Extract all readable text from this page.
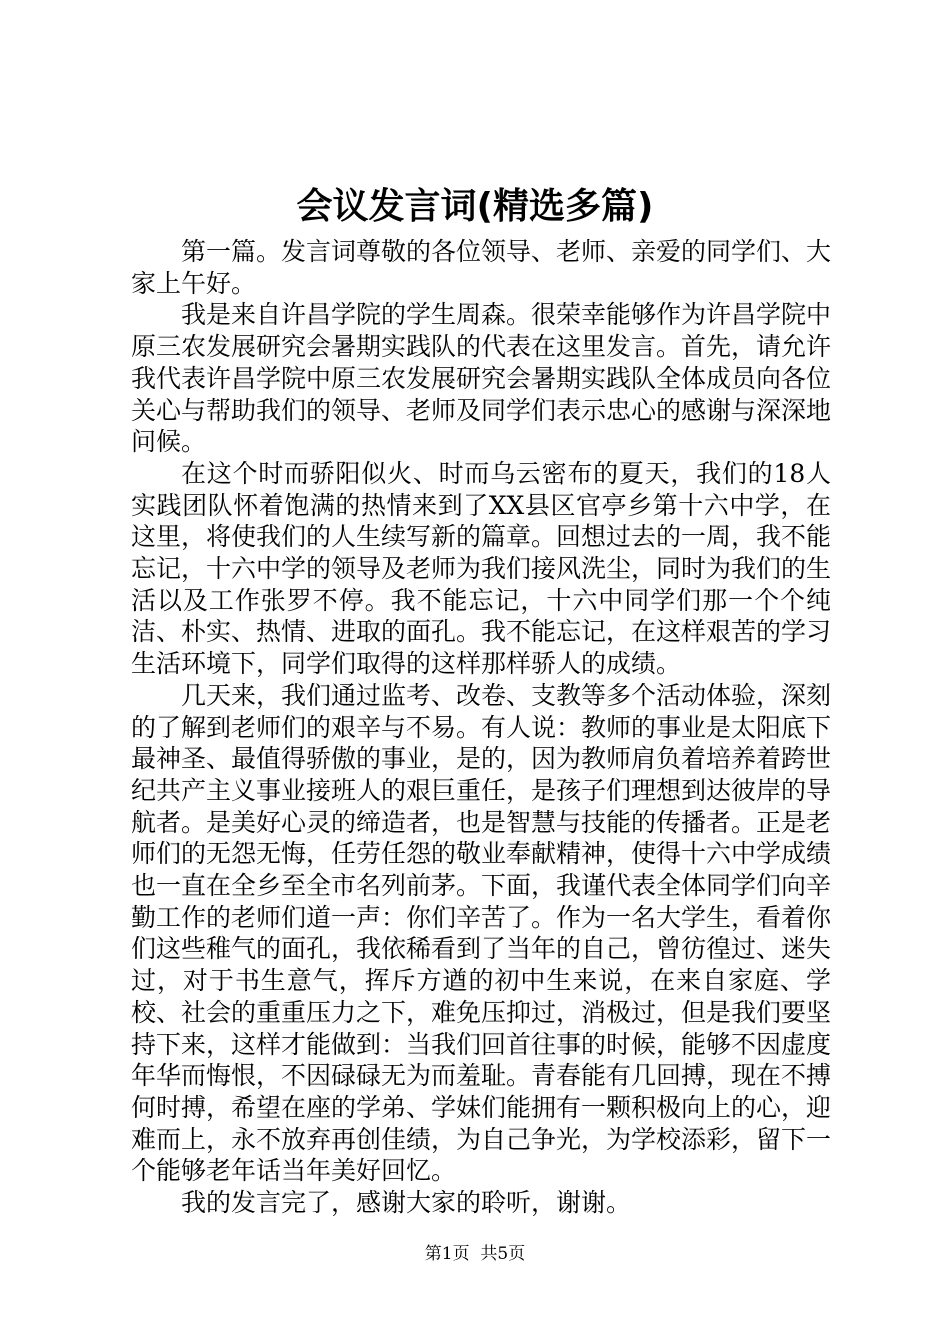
会议发言词(精选多篇)

第一篇。发言词尊敬的各位领导、老师、亲爱的同学们、大家上午好。

我是来自许昌学院的学生周森。很荣幸能够作为许昌学院中原三农发展研究会暑期实践队的代表在这里发言。首先，请允许我代表许昌学院中原三农发展研究会暑期实践队全体成员向各位关心与帮助我们的领导、老师及同学们表示忠心的感谢与深深地问候。

在这个时而骄阳似火、时而乌云密布的夏天，我们的18人实践团队怀着饱满的热情来到了XX县区官亭乡第十六中学，在这里，将使我们的人生续写新的篇章。回想过去的一周，我不能忘记，十六中学的领导及老师为我们接风洗尘，同时为我们的生活以及工作张罗不停。我不能忘记，十六中同学们那一个个纯洁、朴实、热情、进取的面孔。我不能忘记，在这样艰苦的学习生活环境下，同学们取得的这样那样骄人的成绩。

几天来，我们通过监考、改卷、支教等多个活动体验，深刻的了解到老师们的艰辛与不易。有人说：教师的事业是太阳底下最神圣、最值得骄傲的事业，是的，因为教师肩负着培养着跨世纪共产主义事业接班人的艰巨重任，是孩子们理想到达彼岸的导航者。是美好心灵的缔造者，也是智慧与技能的传播者。正是老师们的无怨无悔，任劳任怨的敬业奉献精神，使得十六中学成绩也一直在全乡至全市名列前茅。下面，我谨代表全体同学们向辛勤工作的老师们道一声：你们辛苦了。作为一名大学生，看着你们这些稚气的面孔，我依稀看到了当年的自己，曾彷徨过、迷失过，对于书生意气，挥斥方遒的初中生来说，在来自家庭、学校、社会的重重压力之下，难免压抑过，消极过，但是我们要坚持下来，这样才能做到：当我们回首往事的时候，能够不因虚度年华而悔恨，不因碌碌无为而羞耻。青春能有几回搏，现在不搏何时搏，希望在座的学弟、学妹们能拥有一颗积极向上的心，迎难而上，永不放弃再创佳绩，为自己争光，为学校添彩，留下一个能够老年话当年美好回忆。

我的发言完了，感谢大家的聆听，谢谢。

第1页  共5页
